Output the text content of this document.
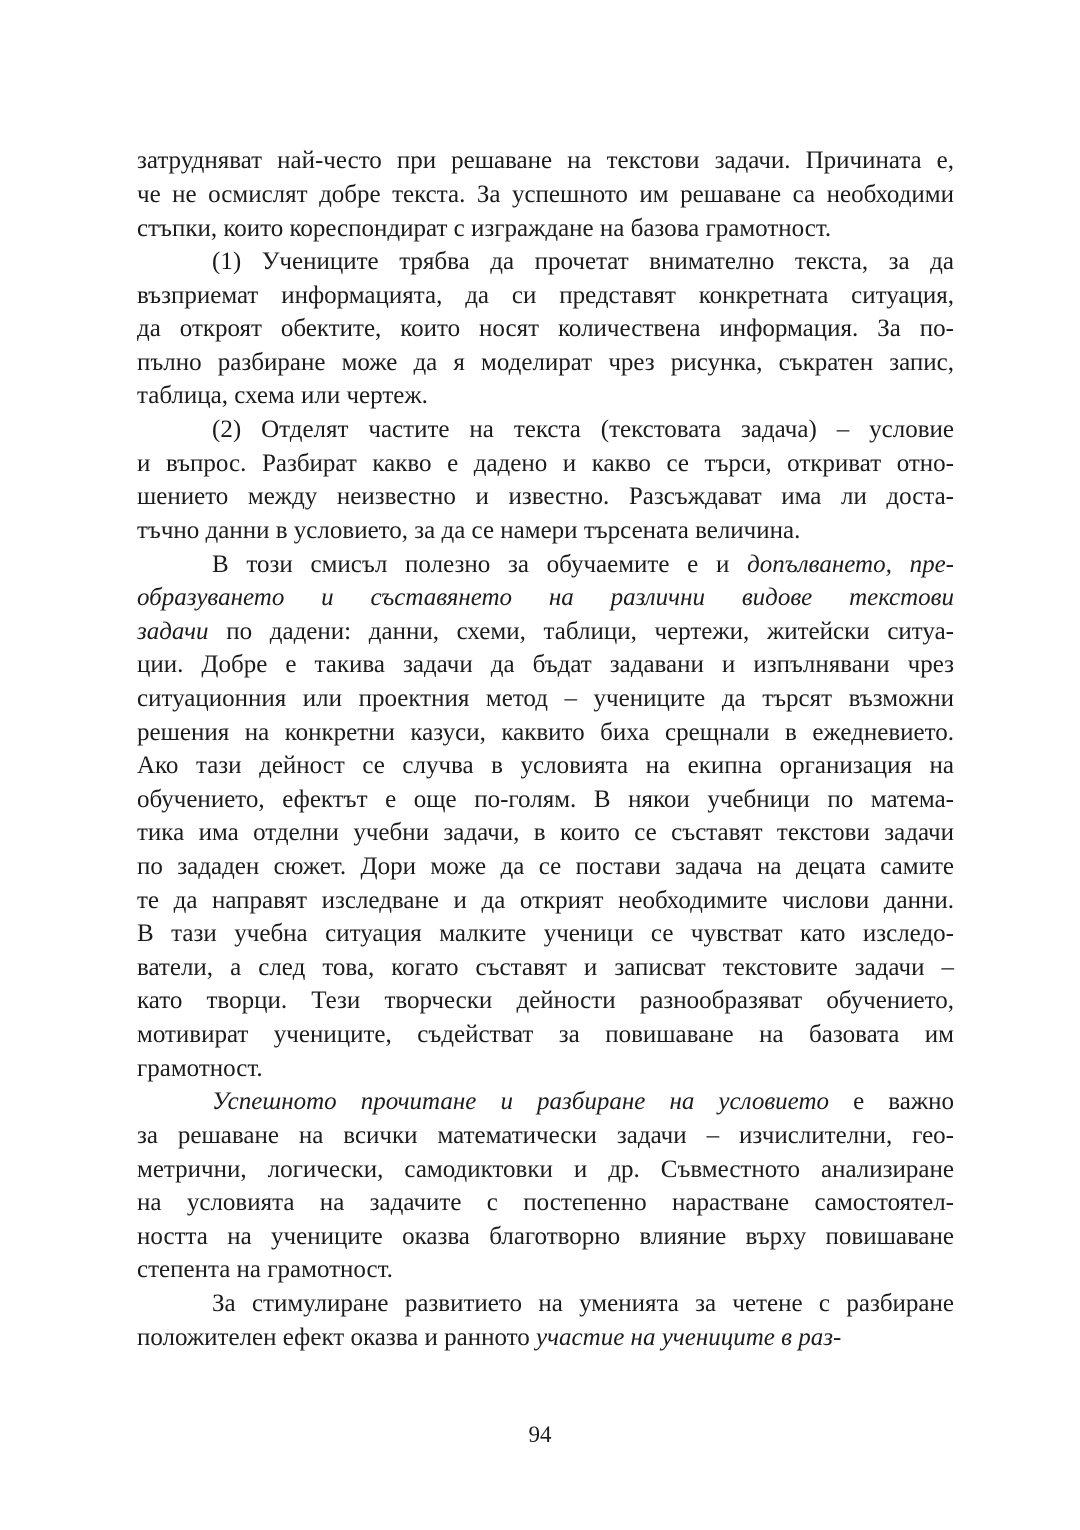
затрудняват най-често при решаване на текстови задачи. Причината е,
че не осмислят добре текста. За успешното им решаване са необходими
стъпки, които кореспондират с изграждане на базова грамотност.
(1) Учениците трябва да прочетат внимателно текста, за да
възприемат информацията, да си представят конкретната ситуация,
да откроят обектите, които носят количествена информация. За по-
пълно разбиране може да я моделират чрез рисунка, съкратен запис,
таблица, схема или чертеж.
(2) Отделят частите на текста (текстовата задача) – условие
и въпрос. Разбират какво е дадено и какво се търси, откриват отно-
шението между неизвестно и известно. Разсъждават има ли доста-
тъчно данни в условието, за да се намери търсената величина.
В този смисъл полезно за обучаемите е и допълването, пре-
образуването и съставянето на различни видове текстови
задачи по дадени: данни, схеми, таблици, чертежи, житейски ситуа-
ции. Добре е такива задачи да бъдат задавани и изпълнявани чрез
ситуационния или проектния метод – учениците да търсят възможни
решения на конкретни казуси, каквито биха срещнали в ежедневието.
Ако тази дейност се случва в условията на екипна организация на
обучението, ефектът е още по-голям. В някои учебници по матема-
тика има отделни учебни задачи, в които се съставят текстови задачи
по зададен сюжет. Дори може да се постави задача на децата самите
те да направят изследване и да открият необходимите числови данни.
В тази учебна ситуация малките ученици се чувстват като изследо-
ватели, а след това, когато съставят и записват текстовите задачи –
като творци. Тези творчески дейности разнообразяват обучението,
мотивират учениците, съдействат за повишаване на базовата им
грамотност.
Успешното прочитане и разбиране на условието е важно
за решаване на всички математически задачи – изчислителни, гео-
метрични, логически, самодиктовки и др. Съвместното анализиране
на условията на задачите с постепенно нарастване самостоятел-
ността на учениците оказва благотворно влияние върху повишаване
степента на грамотност.
За стимулиране развитието на уменията за четене с разбиране
положителен ефект оказва и ранното участие на учениците в раз-
94
